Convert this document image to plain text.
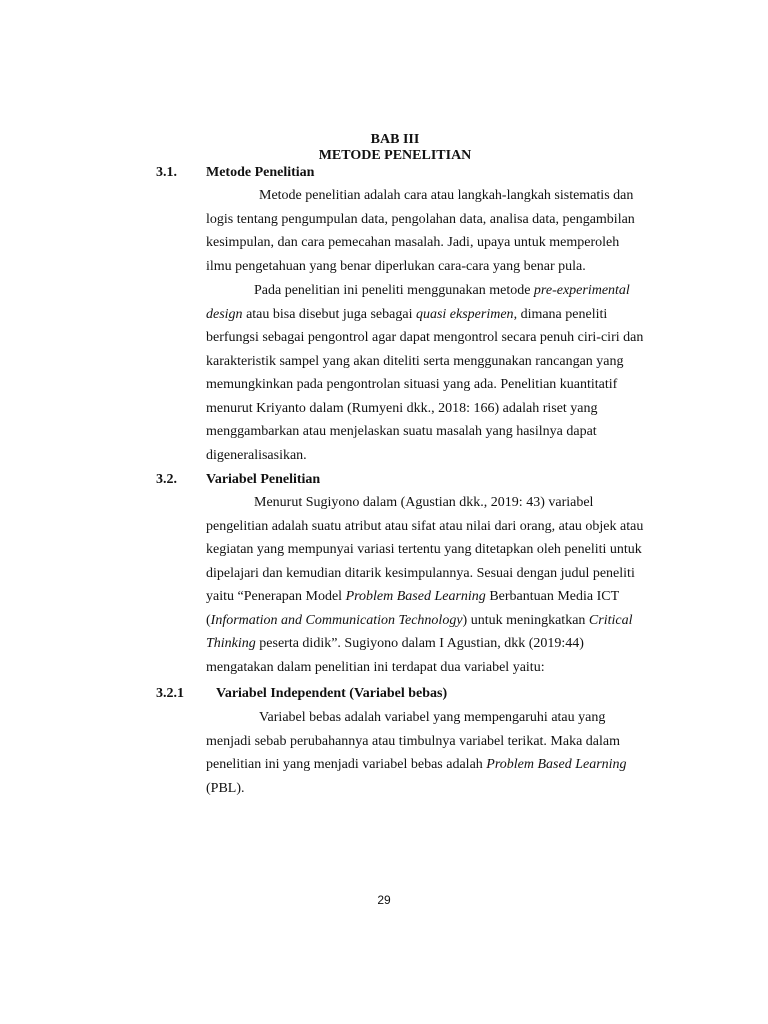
BAB III
METODE PENELITIAN
3.1. Metode Penelitian
Metode penelitian adalah cara atau langkah-langkah sistematis dan
logis tentang pengumpulan data, pengolahan data, analisa data, pengambilan
kesimpulan, dan cara pemecahan masalah. Jadi, upaya untuk memperoleh
ilmu pengetahuan yang benar diperlukan cara-cara yang benar pula.
Pada penelitian ini peneliti menggunakan metode pre-experimental
design atau bisa disebut juga sebagai quasi eksperimen, dimana peneliti
berfungsi sebagai pengontrol agar dapat mengontrol secara penuh ciri-ciri dan
karakteristik sampel yang akan diteliti serta menggunakan rancangan yang
memungkinkan pada pengontrolan situasi yang ada. Penelitian kuantitatif
menurut Kriyanto dalam (Rumyeni dkk., 2018: 166) adalah riset yang
menggambarkan atau menjelaskan suatu masalah yang hasilnya dapat
digeneralisasikan.
3.2. Variabel Penelitian
Menurut Sugiyono dalam (Agustian dkk., 2019: 43) variabel
pengelitian adalah suatu atribut atau sifat atau nilai dari orang, atau objek atau
kegiatan yang mempunyai variasi tertentu yang ditetapkan oleh peneliti untuk
dipelajari dan kemudian ditarik kesimpulannya. Sesuai dengan judul peneliti
yaitu “Penerapan Model Problem Based Learning Berbantuan Media ICT
(Information and Communication Technology) untuk meningkatkan Critical
Thinking peserta didik”. Sugiyono dalam I Agustian, dkk (2019:44)
mengatakan dalam penelitian ini terdapat dua variabel yaitu:
3.2.1 Variabel Independent (Variabel bebas)
Variabel bebas adalah variabel yang mempengaruhi atau yang
menjadi sebab perubahannya atau timbulnya variabel terikat. Maka dalam
penelitian ini yang menjadi variabel bebas adalah Problem Based Learning
(PBL).
29
